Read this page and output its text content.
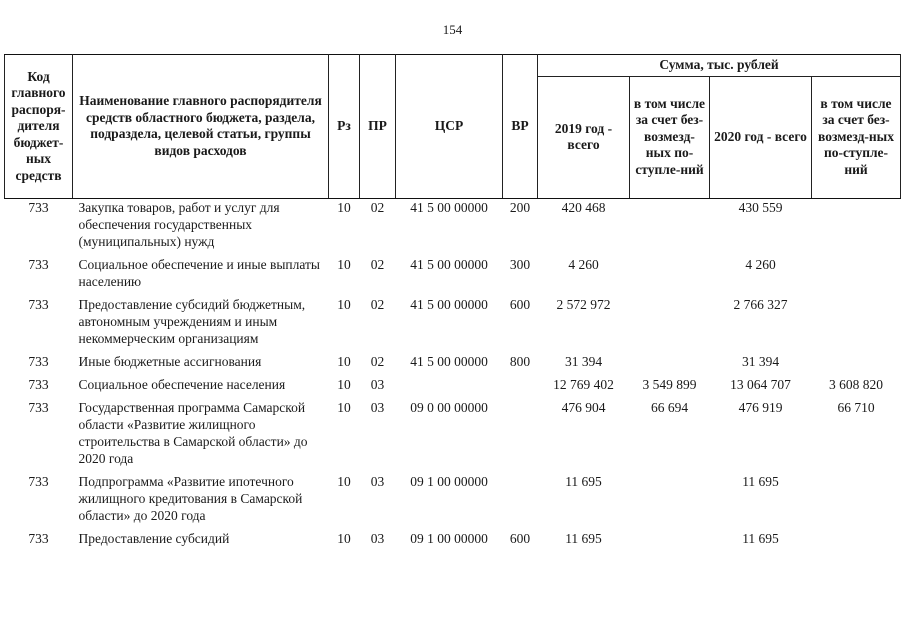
154
Код главного распоря-дителя бюджет-ных средств	Наименование главного распорядителя средств областного бюджета, раздела, подраздела, целевой статьи, группы видов расходов	Рз	ПР	ЦСР	ВР	Сумма, тыс. рублей			
						2019 год - всего	в том числе за счет без-возмезд-ных по-ступле-ний	2020 год - всего	в том числе за счет без-возмезд-ных по-ступле-ний
733	Закупка товаров, работ и услуг для обеспечения государственных (муниципальных) нужд	10	02	41 5 00 00000	200	420 468		430 559	
733	Социальное обеспечение и иные выплаты населению	10	02	41 5 00 00000	300	4 260		4 260	
733	Предоставление субсидий бюджетным, автономным учреждениям и иным некоммерческим организациям	10	02	41 5 00 00000	600	2 572 972		2 766 327	
733	Иные бюджетные ассигнования	10	02	41 5 00 00000	800	31 394		31 394	
733	Социальное обеспечение населения	10	03			12 769 402	3 549 899	13 064 707	3 608 820
733	Государственная программа Самарской области «Развитие жилищного строительства в Самарской области» до 2020 года	10	03	09 0 00 00000		476 904	66 694	476 919	66 710
733	Подпрограмма «Развитие ипотечного жилищного кредитования в Самарской области» до 2020 года	10	03	09 1 00 00000		11 695		11 695	
733	Предоставление субсидий	10	03	09 1 00 00000	600	11 695		11 695	
